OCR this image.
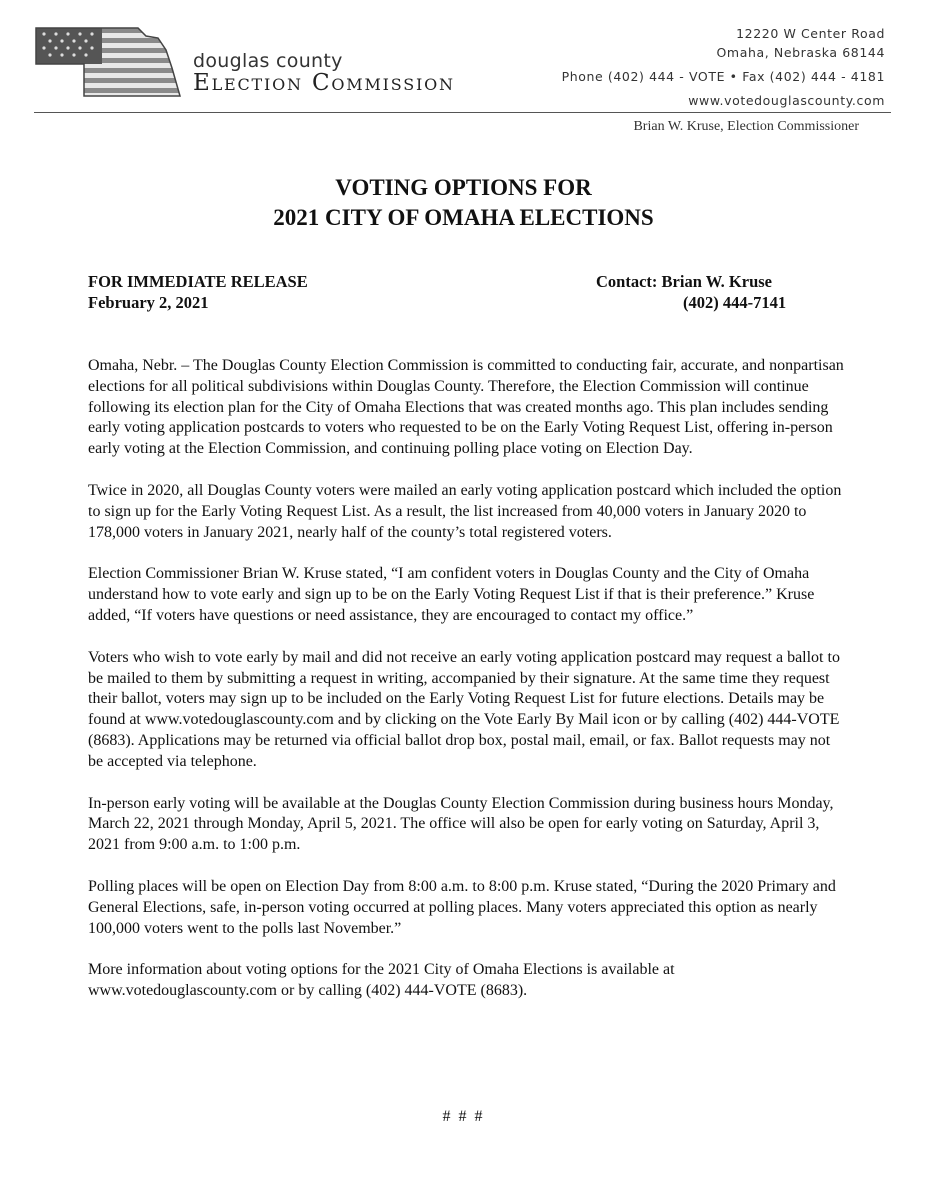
douglas county
Election Commission
12220 W Center Road
Omaha, Nebraska 68144
Phone (402) 444 - VOTE • Fax (402) 444 - 4181
www.votedouglascounty.com
Brian W. Kruse, Election Commissioner
VOTING OPTIONS FOR
2021 CITY OF OMAHA ELECTIONS
FOR IMMEDIATE RELEASE
February 2, 2021
Contact: Brian W. Kruse
(402) 444-7141

Omaha, Nebr. – The Douglas County Election Commission is committed to conducting fair, accurate, and nonpartisan elections for all political subdivisions within Douglas County. Therefore, the Election Commission will continue following its election plan for the City of Omaha Elections that was created months ago. This plan includes sending early voting application postcards to voters who requested to be on the Early Voting Request List, offering in-person early voting at the Election Commission, and continuing polling place voting on Election Day.

Twice in 2020, all Douglas County voters were mailed an early voting application postcard which included the option to sign up for the Early Voting Request List. As a result, the list increased from 40,000 voters in January 2020 to 178,000 voters in January 2021, nearly half of the county’s total registered voters.

Election Commissioner Brian W. Kruse stated, “I am confident voters in Douglas County and the City of Omaha understand how to vote early and sign up to be on the Early Voting Request List if that is their preference.” Kruse added, “If voters have questions or need assistance, they are encouraged to contact my office.”

Voters who wish to vote early by mail and did not receive an early voting application postcard may request a ballot to be mailed to them by submitting a request in writing, accompanied by their signature. At the same time they request their ballot, voters may sign up to be included on the Early Voting Request List for future elections. Details may be found at www.votedouglascounty.com and by clicking on the Vote Early By Mail icon or by calling (402) 444-VOTE (8683). Applications may be returned via official ballot drop box, postal mail, email, or fax. Ballot requests may not be accepted via telephone.

In-person early voting will be available at the Douglas County Election Commission during business hours Monday, March 22, 2021 through Monday, April 5, 2021. The office will also be open for early voting on Saturday, April 3, 2021 from 9:00 a.m. to 1:00 p.m.

Polling places will be open on Election Day from 8:00 a.m. to 8:00 p.m. Kruse stated, “During the 2020 Primary and General Elections, safe, in-person voting occurred at polling places. Many voters appreciated this option as nearly 100,000 voters went to the polls last November.”

More information about voting options for the 2021 City of Omaha Elections is available at www.votedouglascounty.com or by calling (402) 444-VOTE (8683).

# # #
